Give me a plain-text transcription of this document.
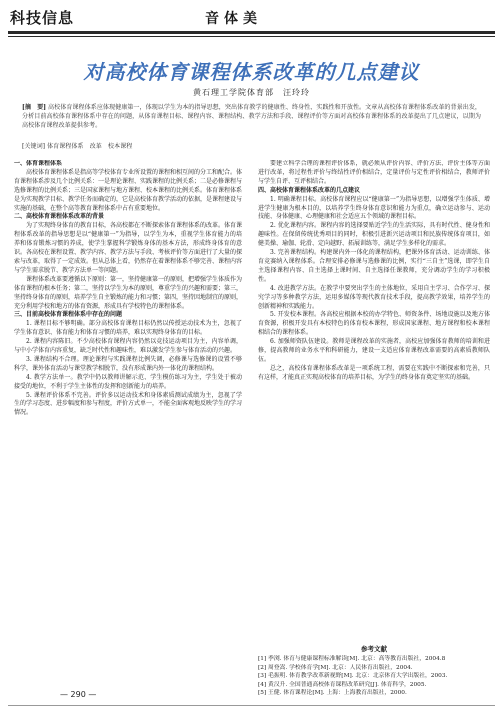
科技信息	音体美
对高校体育课程体系改革的几点建议
黄石理工学院体育部　汪玲玲
[摘　要] 高校体育课程体系应体现健康第一，体现以学生为本的指导思想，突出体育教学的健康性、终身性、实践性和开放性。文章从高校体育课程体系改革的背景出发，分析目前高校体育课程体系中存在的问题，从体育课程目标、课程内容、课程结构、教学方法和手段、课程评价等方面对高校体育课程体系的改革提出了几点建议，以期为高校体育课程改革提供参考。
[关键词] 体育课程体系　改革　校本课程

一、体育课程体系

高校体育课程体系是指高等学校体育专业所设置的课程和相互间的分工和配合。体育课程体系涉及几个比例关系：一是理论课程、实践课程的比例关系；二是必修课程与选修课程的比例关系；三是国家课程与地方课程、校本课程的比例关系。体育课程体系是为实现教学目标、教学任务而确定的，它是高校体育教学活动的依据，是课程建设与实施的基础，在整个高等教育课程体系中占有重要地位。

二、高校体育课程体系改革的背景

为了实现终身体育的教育目标，各高校都在不断探索体育课程体系的改革。体育课程体系改革的指导思想是以“健康第一”为指导，以学生为本，重视学生体育能力的培养和体育锻炼习惯的养成，使学生掌握科学锻炼身体的基本方法，形成终身体育的意识。各高校在课程设置、教学内容、教学方法与手段、考核评价等方面进行了大量的探索与改革，取得了一定成效。但从总体上看，仍然存在着课程体系不够完善、课程内容与学生需求脱节、教学方法单一等问题。

课程体系改革要遵循以下原则：第一，坚持健康第一的原则，把增强学生体质作为体育课程的根本任务；第二，坚持以学生为本的原则，尊重学生的兴趣和需要；第三，坚持终身体育的原则，培养学生自主锻炼的能力和习惯；第四，坚持因地制宜的原则，充分利用学校和地方的体育资源，形成具有学校特色的课程体系。

三、目前高校体育课程体系中存在的问题

1. 课程目标不够明确。部分高校体育课程目标仍然以传授运动技术为主，忽视了学生体育意识、体育能力和体育习惯的培养，难以实现终身体育的目标。

2. 课程内容陈旧。不少高校体育课程内容仍然以竞技运动项目为主，内容单调，与中小学体育内容重复，缺乏时代性和趣味性，难以激发学生参与体育活动的兴趣。

3. 课程结构不合理。理论课程与实践课程比例失调，必修课与选修课的设置不够科学，课外体育活动与课堂教学相脱节，没有形成课内外一体化的课程结构。

4. 教学方法单一。教学中仍以教师讲解示范、学生模仿练习为主，学生处于被动接受的地位，不利于学生主体性的发挥和创新能力的培养。

5. 课程评价体系不完善。评价多以运动技术和身体素质测试成绩为主，忽视了学生的学习态度、进步幅度和参与程度，评价方式单一，不能全面客观地反映学生的学习情况。

要建立科学合理的课程评价体系，就必须从评价内容、评价方法、评价主体等方面进行改革，将过程性评价与终结性评价相结合，定量评价与定性评价相结合，教师评价与学生自评、互评相结合。

四、高校体育课程体系改革的几点建议

1. 明确课程目标。高校体育课程应以“健康第一”为指导思想，以增强学生体质、增进学生健康为根本目的，以培养学生终身体育意识和能力为重点，确立运动参与、运动技能、身体健康、心理健康和社会适应五个领域的课程目标。

2. 优化课程内容。课程内容的选择要贴近学生的生活实际，具有时代性、健身性和趣味性。在保留传统优秀项目的同时，积极引进新兴运动项目和民族传统体育项目，如健美操、瑜伽、轮滑、定向越野、拓展训练等，满足学生多样化的需求。

3. 完善课程结构。构建课内外一体化的课程结构，把课外体育活动、运动训练、体育竞赛纳入课程体系。合理安排必修课与选修课的比例，实行“三自主”选课，即学生自主选择课程内容、自主选择上课时间、自主选择任课教师，充分调动学生的学习积极性。

4. 改进教学方法。在教学中要突出学生的主体地位，采用自主学习、合作学习、探究学习等多种教学方法，运用多媒体等现代教育技术手段，提高教学效果，培养学生的创新精神和实践能力。

5. 开发校本课程。各高校应根据本校的办学特色、师资条件、场地设施以及地方体育资源，积极开发具有本校特色的体育校本课程，形成国家课程、地方课程和校本课程相结合的课程体系。

6. 加强师资队伍建设。教师是课程改革的实施者，高校应加强体育教师的培训和进修，提高教师的业务水平和科研能力，建设一支适应体育课程改革需要的高素质教师队伍。

总之，高校体育课程体系改革是一项系统工程，需要在实践中不断探索和完善，只有这样，才能真正实现高校体育的培养目标，为学生的终身体育奠定坚实的基础。

参考文献
[1] 季浏. 体育与健康课程标准解读[M]. 北京：高等教育出版社，2004.8
[2] 周登嵩. 学校体育学[M]. 北京：人民体育出版社，2004.
[3] 毛振明. 体育教学改革新视野[M]. 北京：北京体育大学出版社，2003.
[4] 黄汉升. 全国普通高校体育课程改革研究[J]. 体育科学，2005.
[5] 王健. 体育课程论[M]. 上海：上海教育出版社，2000.
— 290 —
